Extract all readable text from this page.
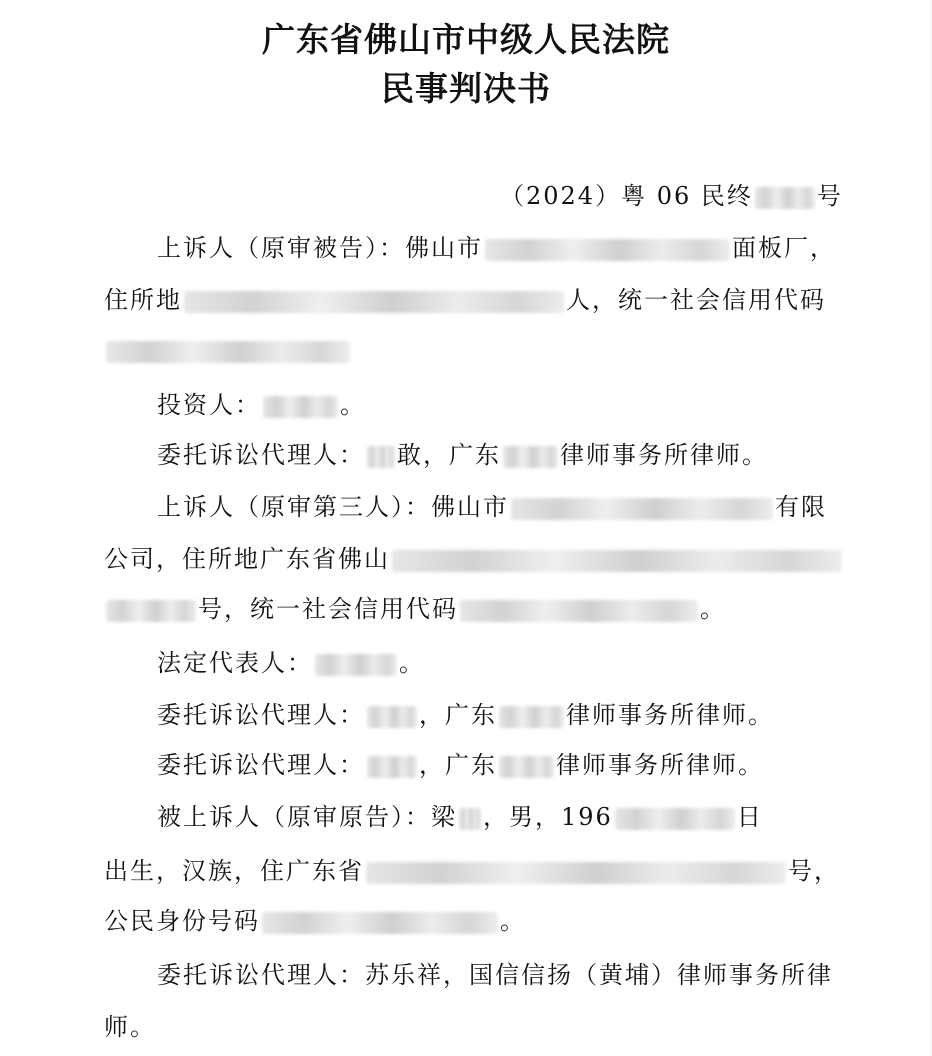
广东省佛山市中级人民法院
民事判决书
（2024）粤 06 民终	号
上诉人（原审被告）：佛山市	面板厂，
住所地	人，统一社会信用代码
投资人：	。
委托诉讼代理人： 敢，广东 律师事务所律师。
上诉人（原审第三人）：佛山市	有限
公司，住所地广东省佛山
号，统一社会信用代码	。
法定代表人：	。
委托诉讼代理人： ，广东	律师事务所律师。
委托诉讼代理人： ，广东 律师事务所律师。
被上诉人（原审原告）：梁 ，男，196	日
出生，汉族，住广东省	号，
公民身份号码	。
委托诉讼代理人：苏乐祥，国信信扬（黄埔）律师事务所律
师。
